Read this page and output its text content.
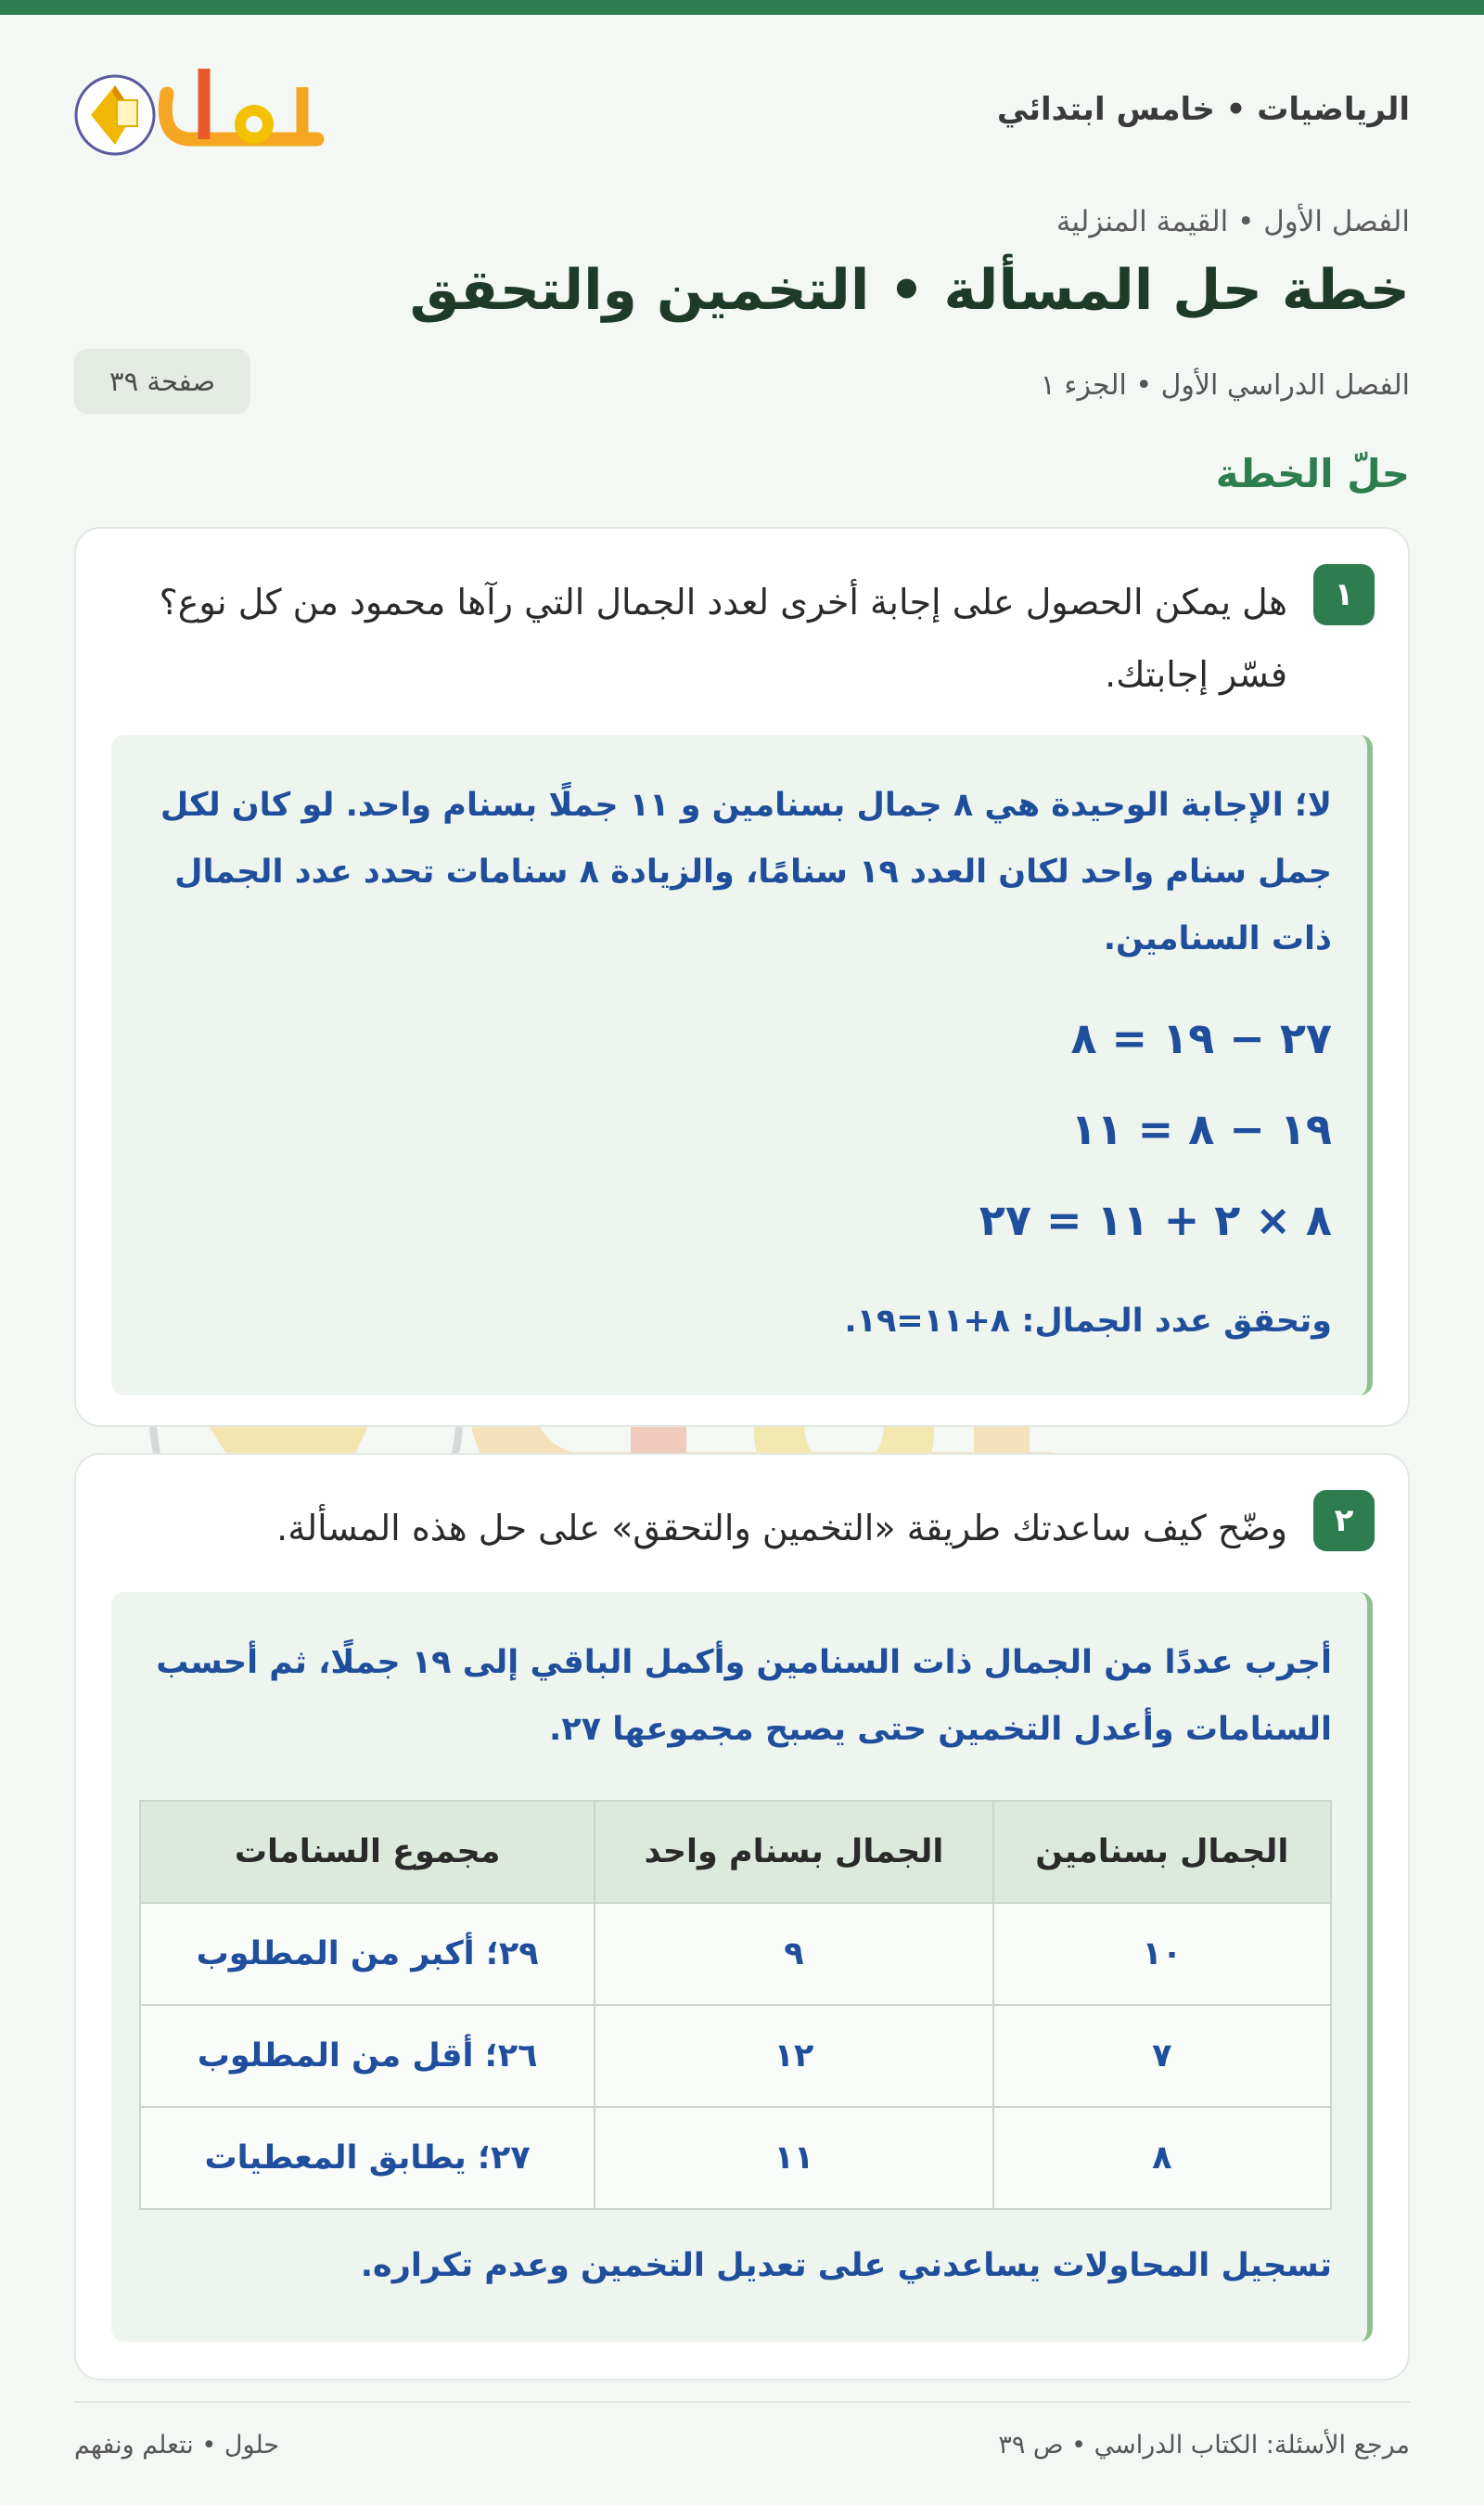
الرياضيات • خامس ابتدائي
الفصل الأول • القيمة المنزلية
خطة حل المسألة • التخمين والتحقق
الفصل الدراسي الأول • الجزء ١
صفحة ٣٩
حلّ الخطة
١
هل يمكن الحصول على إجابة أخرى لعدد الجمال التي رآها محمود من كل نوع؟ فسّر إجابتك.
لا؛ الإجابة الوحيدة هي ٨ جمال بسنامين و ١١ جملًا بسنام واحد. لو كان لكل جمل سنام واحد لكان العدد ١٩ سنامًا، والزيادة ٨ سنامات تحدد عدد الجمال ذات السنامين.
٢٧ − ١٩ = ٨
١٩ − ٨ = ١١
٨ × ٢ + ١١ = ٢٧
وتحقق عدد الجمال: ٨+١١=١٩.
٢
وضّح كيف ساعدتك طريقة «التخمين والتحقق» على حل هذه المسألة.
أجرب عددًا من الجمال ذات السنامين وأكمل الباقي إلى ١٩ جملًا، ثم أحسب السنامات وأعدل التخمين حتى يصبح مجموعها ٢٧.
الجمال بسنامين	الجمال بسنام واحد	مجموع السنامات
١٠	٩	٢٩؛ أكبر من المطلوب
٧	١٢	٢٦؛ أقل من المطلوب
٨	١١	٢٧؛ يطابق المعطيات
تسجيل المحاولات يساعدني على تعديل التخمين وعدم تكراره.
مرجع الأسئلة: الكتاب الدراسي • ص ٣٩
حلول • نتعلم ونفهم
